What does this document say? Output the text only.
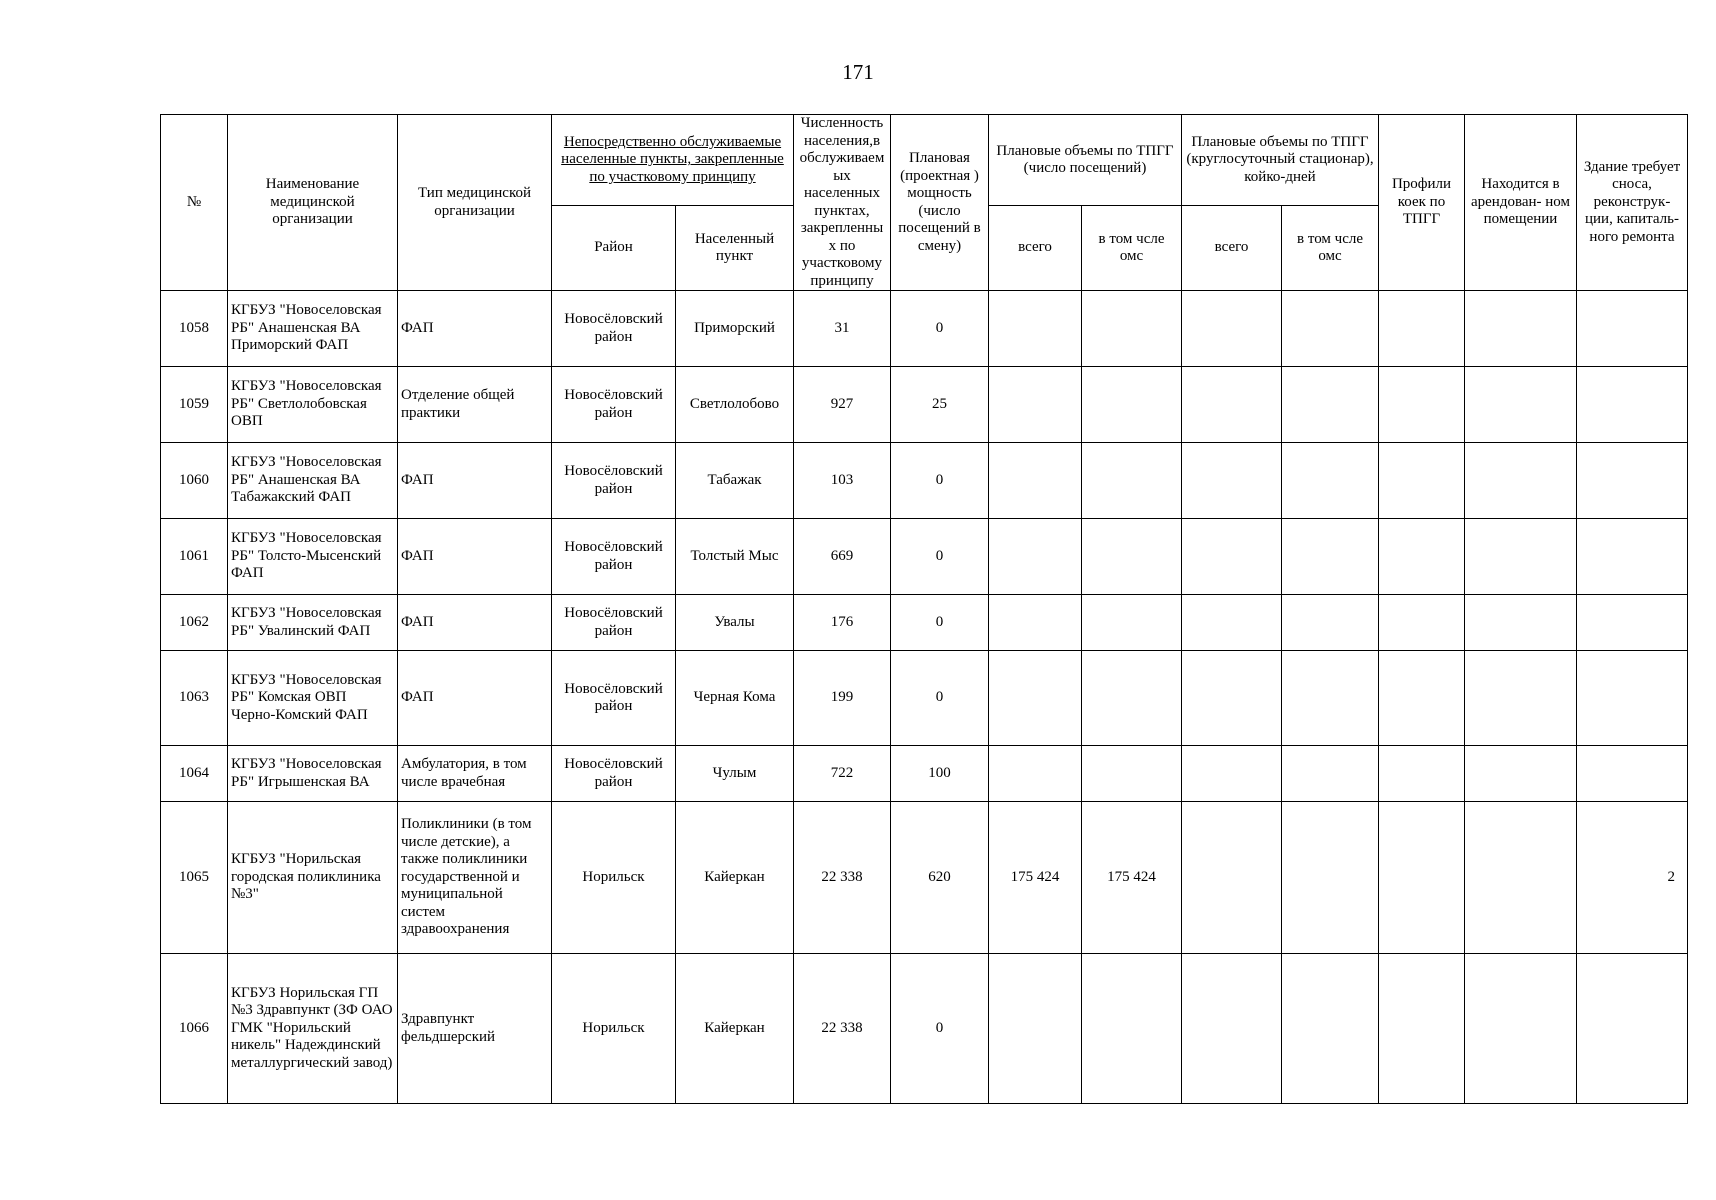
171
№	Наименование медицинской организации	Тип медицинской организации	Непосредственно обслуживаемые населенные пункты, закрепленные по участковому принципу		Численность населения,в обслуживаем ых населенных пунктах, закрепленны х по участковому принципу	Плановая (проектная ) мощность (число посещений в смену)	Плановые объемы по ТПГГ (число посещений)		Плановые объемы по ТПГГ (круглосуточный стационар), койко-дней		Профили коек по ТПГГ	Находится в арендован- ном помещении	Здание требует сноса, реконструк- ции, капиталь- ного ремонта
			Район	Населенный пункт			всего	в том чсле омс	всего	в том чсле омс			
1058	КГБУЗ "Новоселовская РБ" Анашенская ВА Приморский ФАП	ФАП	Новосёловский район	Приморский	31	0							
1059	КГБУЗ "Новоселовская РБ" Светлолобовская ОВП	Отделение общей практики	Новосёловский район	Светлолобово	927	25							
1060	КГБУЗ "Новоселовская РБ" Анашенская ВА Табажакский ФАП	ФАП	Новосёловский район	Табажак	103	0							
1061	КГБУЗ "Новоселовская РБ" Толсто-Мысенский ФАП	ФАП	Новосёловский район	Толстый Мыс	669	0							
1062	КГБУЗ "Новоселовская РБ" Увалинский ФАП	ФАП	Новосёловский район	Увалы	176	0							
1063	КГБУЗ "Новоселовская РБ" Комская ОВП Черно-Комский ФАП	ФАП	Новосёловский район	Черная Кома	199	0							
1064	КГБУЗ "Новоселовская РБ" Игрышенская ВА	Амбулатория, в том числе врачебная	Новосёловский район	Чулым	722	100							
1065	КГБУЗ "Норильская городская поликлиника №3"	Поликлиники (в том числе детские), а также поликлиники государственной и муниципальной систем здравоохранения	Норильск	Кайеркан	22 338	620	175 424	175 424					2
1066	КГБУЗ Норильская ГП №3 Здравпункт (ЗФ ОАО ГМК "Норильский никель" Надеждинский металлургический завод)	Здравпункт фельдшерский	Норильск	Кайеркан	22 338	0							
